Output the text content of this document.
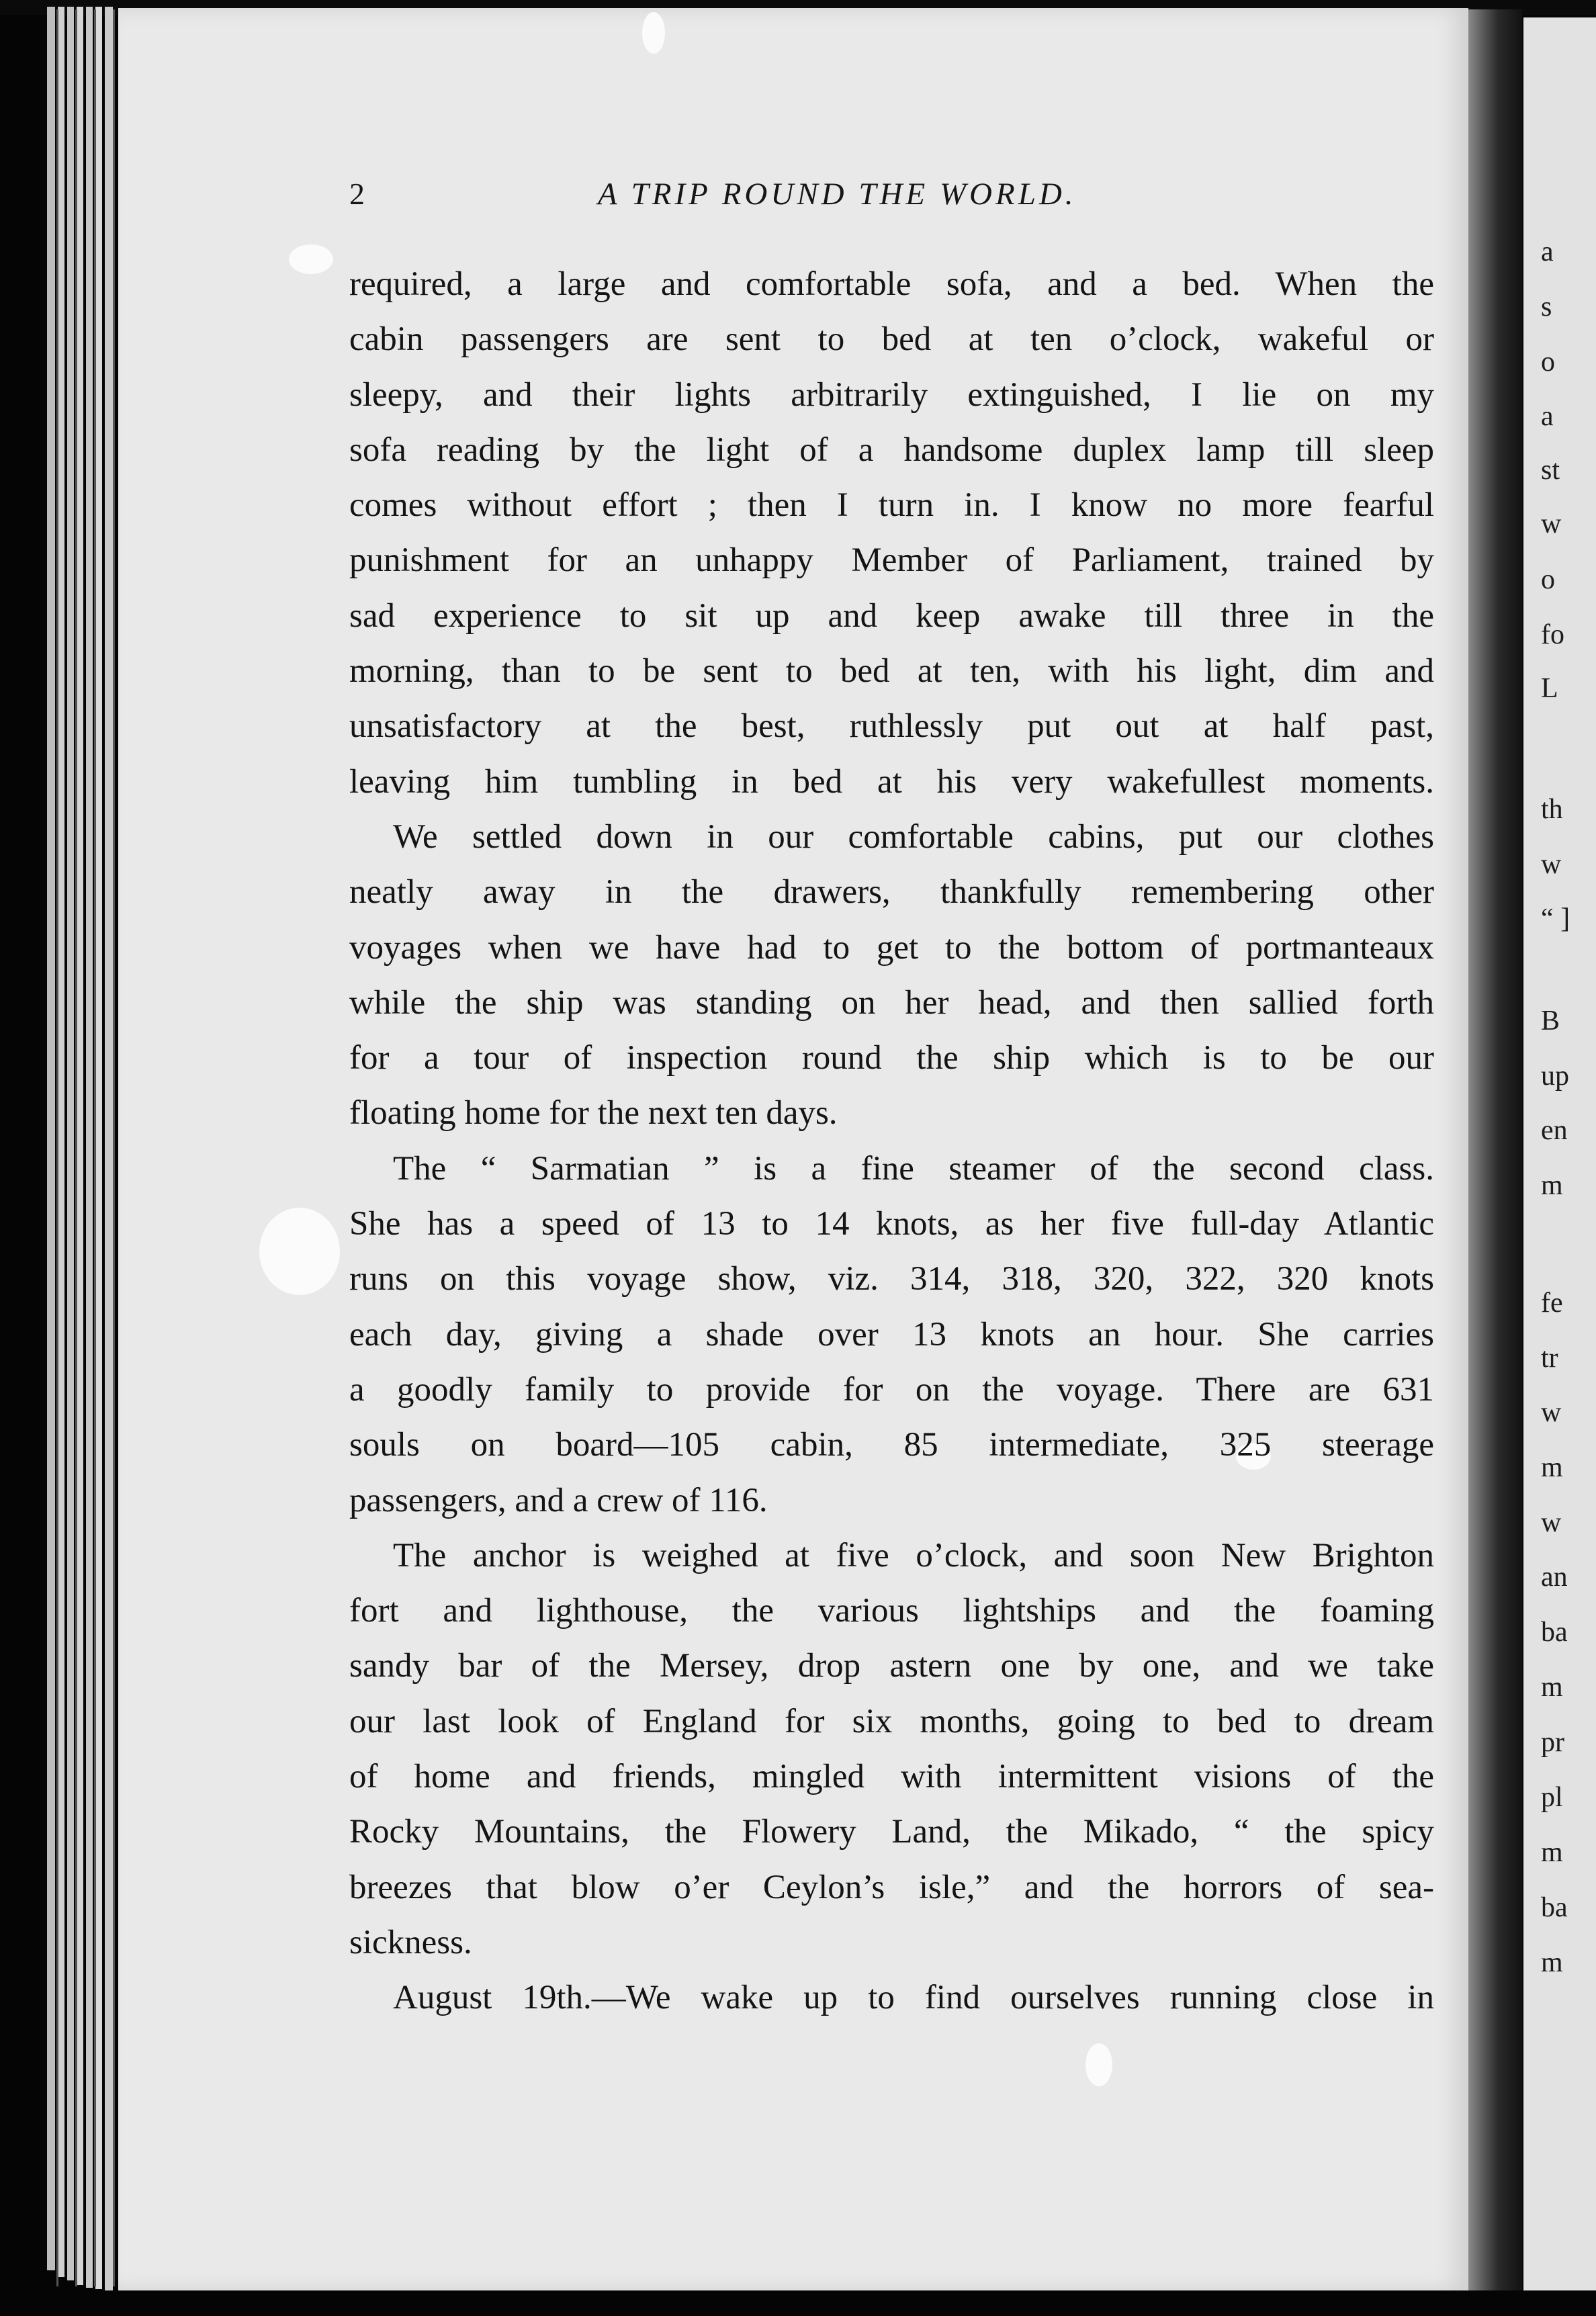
2	A TRIP ROUND THE WORLD.
required, a large and comfortable sofa, and a bed. When the
cabin passengers are sent to bed at ten o’clock, wakeful or
sleepy, and their lights arbitrarily extinguished, I lie on my
sofa reading by the light of a handsome duplex lamp till sleep
comes without effort ; then I turn in. I know no more fearful
punishment for an unhappy Member of Parliament, trained by
sad experience to sit up and keep awake till three in the
morning, than to be sent to bed at ten, with his light, dim and
unsatisfactory at the best, ruthlessly put out at half past,
leaving him tumbling in bed at his very wakefullest moments.
We settled down in our comfortable cabins, put our clothes
neatly away in the drawers, thankfully remembering other
voyages when we have had to get to the bottom of portmanteaux
while the ship was standing on her head, and then sallied forth
for a tour of inspection round the ship which is to be our
floating home for the next ten days.
The “ Sarmatian ” is a fine steamer of the second class.
She has a speed of 13 to 14 knots, as her five full-day Atlantic
runs on this voyage show, viz. 314, 318, 320, 322, 320 knots
each day, giving a shade over 13 knots an hour. She carries
a goodly family to provide for on the voyage. There are 631
souls on board—105 cabin, 85 intermediate, 325 steerage
passengers, and a crew of 116.
The anchor is weighed at five o’clock, and soon New Brighton
fort and lighthouse, the various lightships and the foaming
sandy bar of the Mersey, drop astern one by one, and we take
our last look of England for six months, going to bed to dream
of home and friends, mingled with intermittent visions of the
Rocky Mountains, the Flowery Land, the Mikado, “ the spicy
breezes that blow o’er Ceylon’s isle,” and the horrors of sea-
sickness.
August 19th.—We wake up to find ourselves running close in
a
s
o
a
st
w
o
fo
L
th
w
“ ]
B
up
en
m
fe
tr
w
m
w
an
ba
m
pr
pl
m
ba
m
